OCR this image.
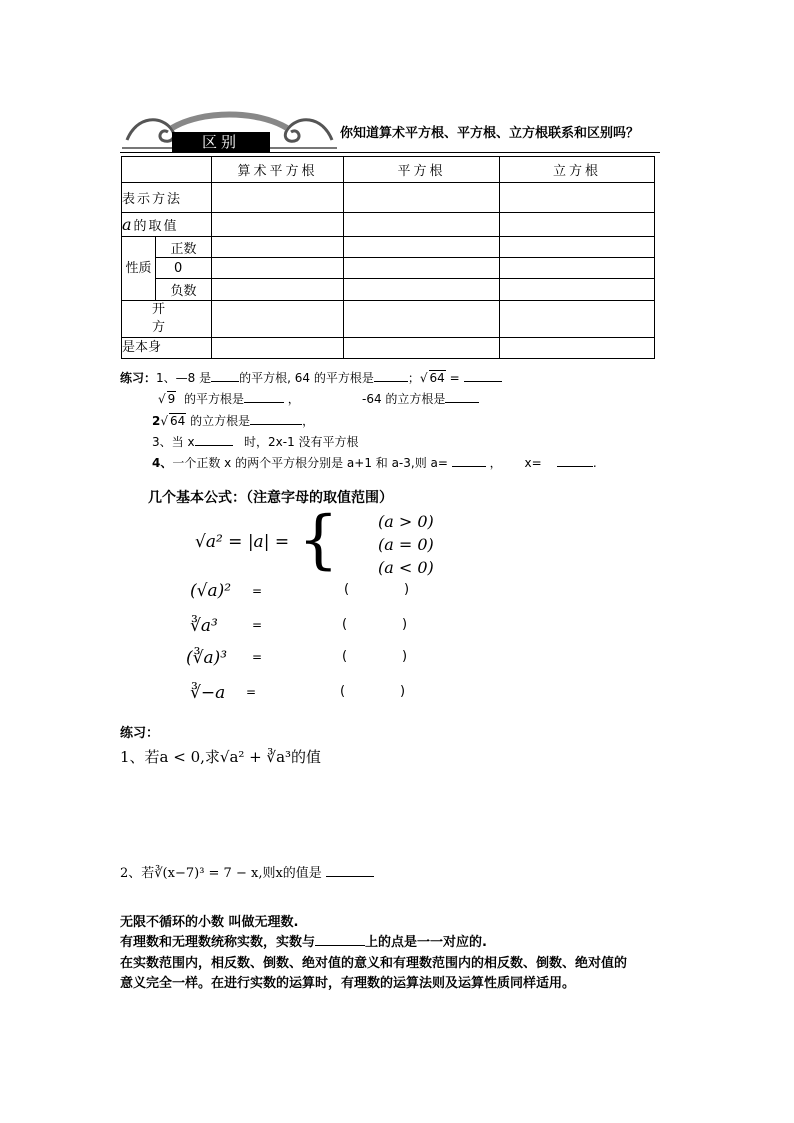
区别	你知道算术平方根、平方根、立方根联系和区别吗？
		算术平方根	平方根	立方根
表示方法				
a的取值				
性质	正数			
	0			
	负数			

开
方				

是本身				
练习：1、—8 是 的平方根, 64 的平方根是	；√ 64 =
√ 9 的平方根是	，	-64 的立方根是
2√ 64 的立方根是	，
3、当 x	时，2x-1 没有平方根
4、一个正数 x 的两个平方根分别是 a+1 和 a-3,则 a=	， x=	.
几个基本公式：（注意字母的取值范围）
√a² = |a| = { (a > 0)
(a = 0)
(a < 0)
(√a)² =	(	)
∛a³	=	(	)
(∛a)³ =	(	)
∛−a =	(	)
练习：
1、若a < 0,求√a² + ∛a³的值
2、若∛(x−7)³ = 7 − x,则x的值是
无限不循环的小数 叫做无理数.
有理数和无理数统称实数，实数与	上的点是一一对应的.
在实数范围内，相反数、倒数、绝对值的意义和有理数范围内的相反数、倒数、绝对值的
意义完全一样。在进行实数的运算时，有理数的运算法则及运算性质同样适用。
